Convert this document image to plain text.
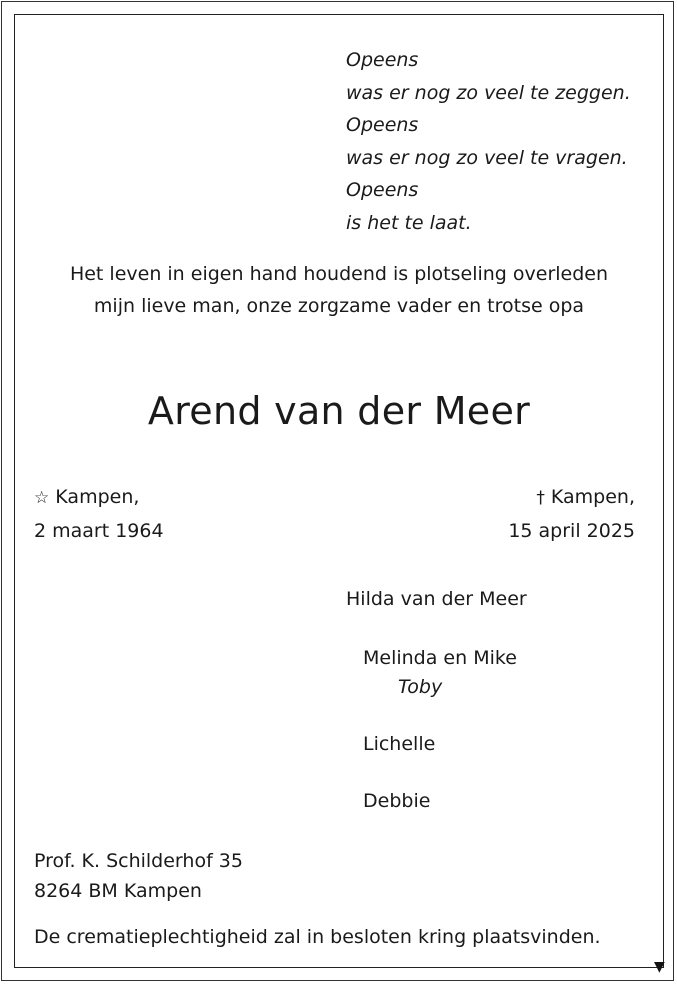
▼
Opeens
was er nog zo veel te zeggen.
Opeens
was er nog zo veel te vragen.
Opeens
is het te laat.
Het leven in eigen hand houdend is plotseling overleden
mijn lieve man, onze zorgzame vader en trotse opa
Arend van der Meer
☆ Kampen,
2 maart 1964
† Kampen,
15 april 2025
Hilda van der Meer
Melinda en Mike
Toby
Lichelle
Debbie
Prof. K. Schilderhof 35
8264 BM Kampen
De crematieplechtigheid zal in besloten kring plaatsvinden.
